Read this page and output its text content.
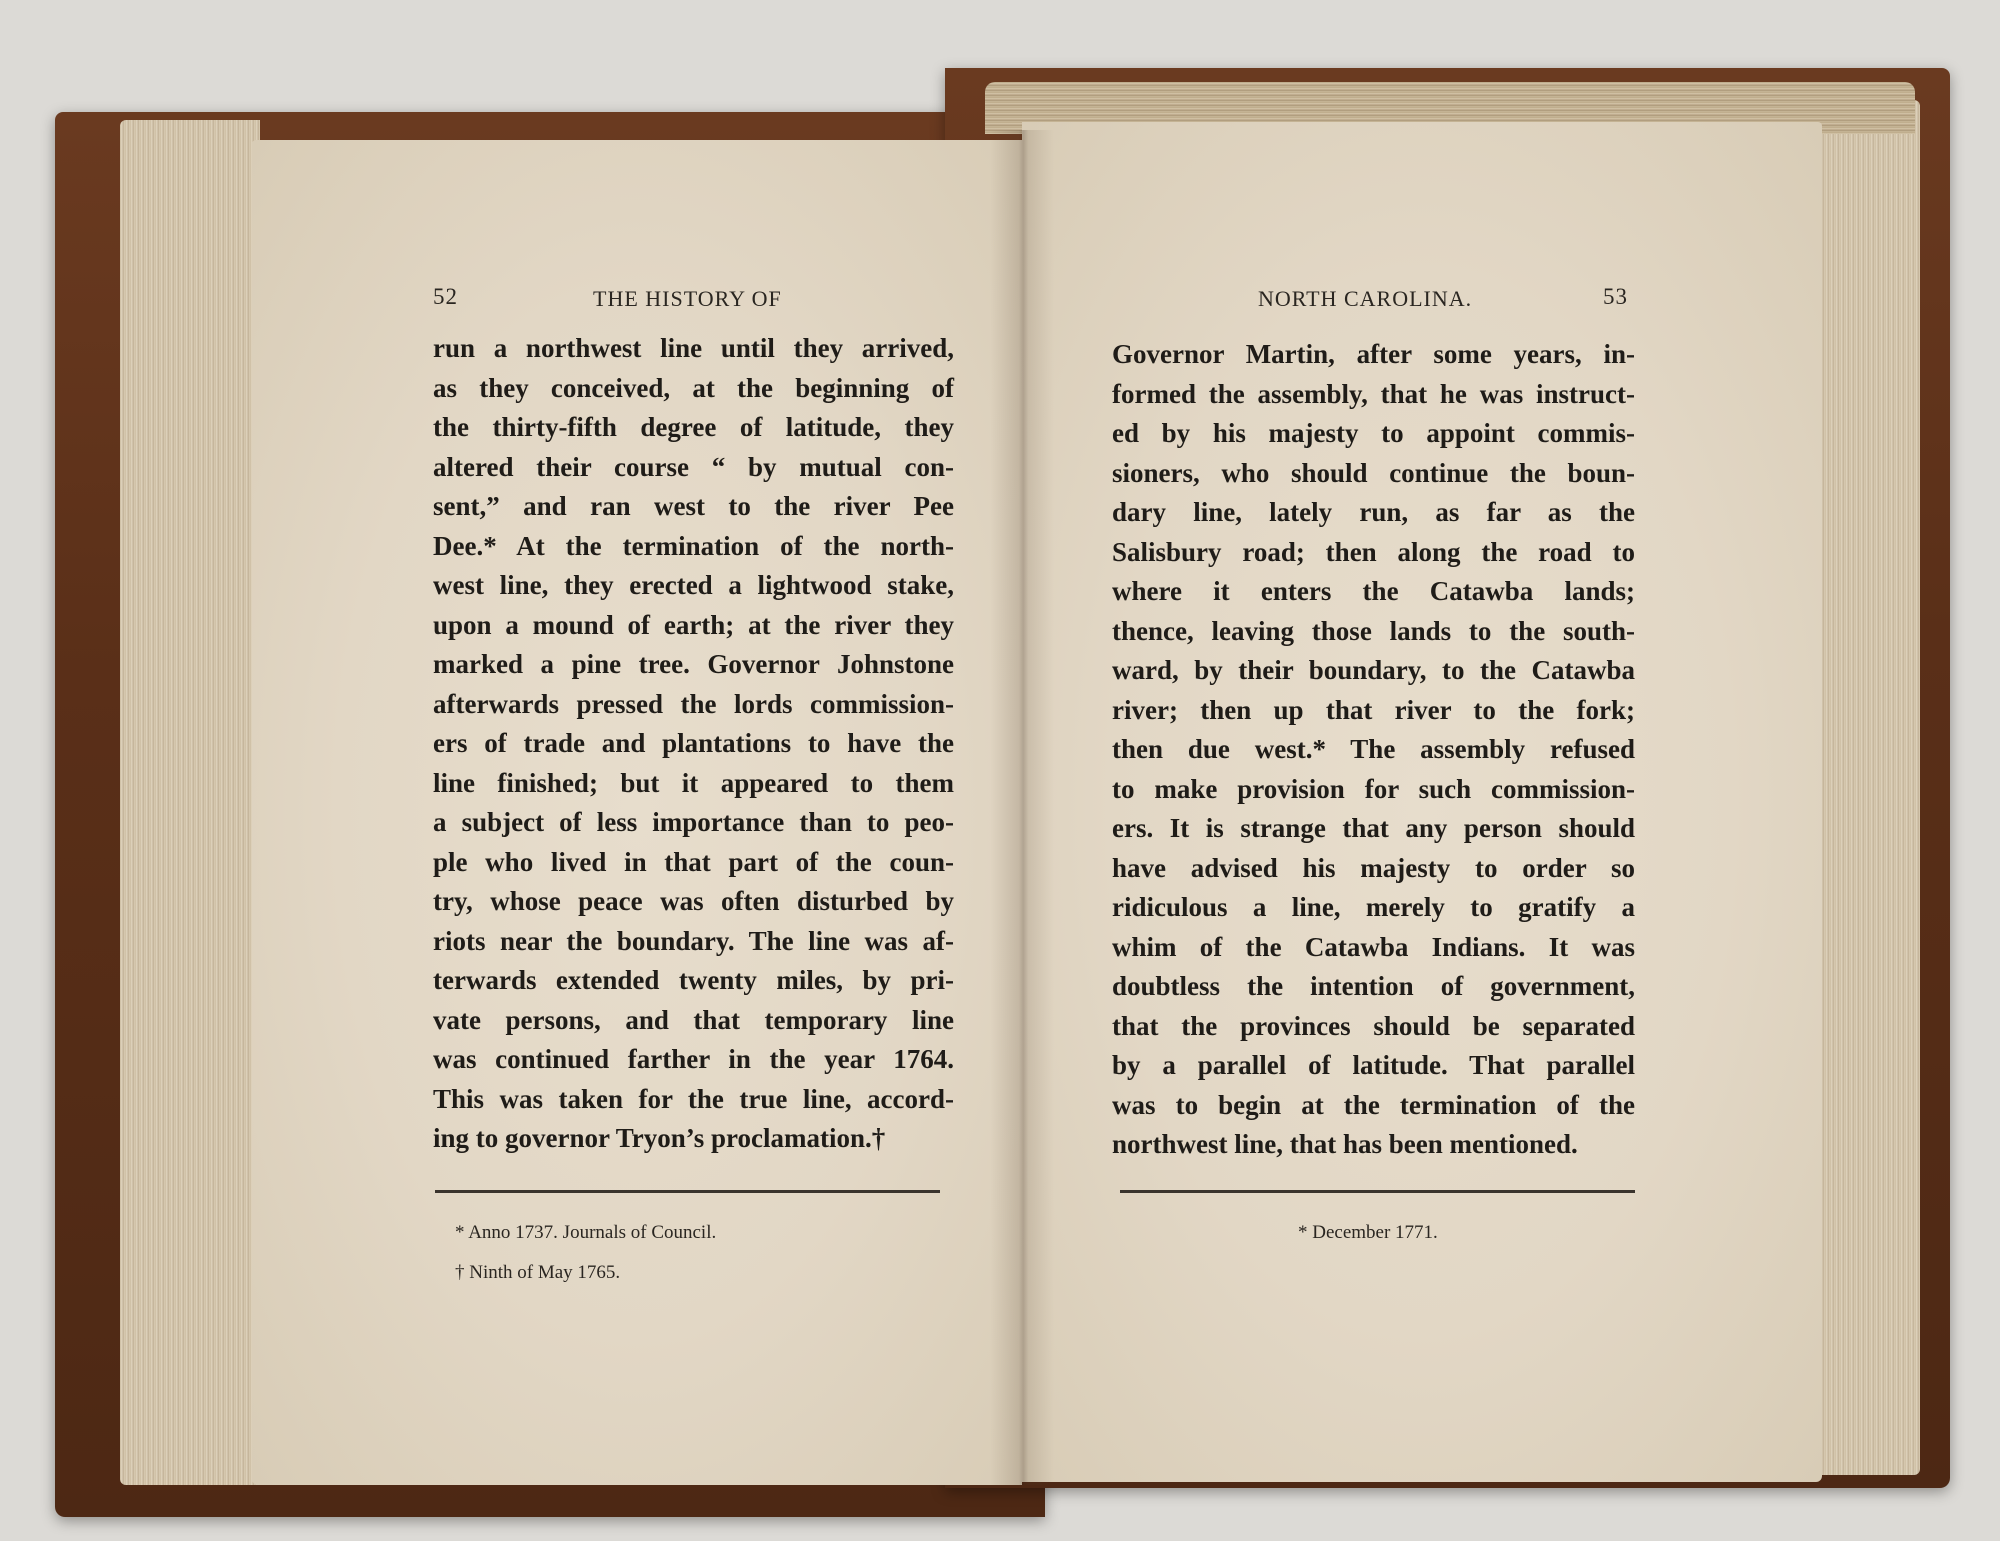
52	THE HISTORY OF
run a northwest line until they arrived,
as they conceived, at the beginning of
the thirty-fifth degree of latitude, they
altered their course “ by mutual con-
sent,” and ran west to the river Pee
Dee.* At the termination of the north-
west line, they erected a lightwood stake,
upon a mound of earth; at the river they
marked a pine tree. Governor Johnstone
afterwards pressed the lords commission-
ers of trade and plantations to have the
line finished; but it appeared to them
a subject of less importance than to peo-
ple who lived in that part of the coun-
try, whose peace was often disturbed by
riots near the boundary. The line was af-
terwards extended twenty miles, by pri-
vate persons, and that temporary line
was continued farther in the year 1764.
This was taken for the true line, accord-
ing to governor Tryon’s proclamation.†
* Anno 1737. Journals of Council.
† Ninth of May 1765.
NORTH CAROLINA.	53
Governor Martin, after some years, in-
formed the assembly, that he was instruct-
ed by his majesty to appoint commis-
sioners, who should continue the boun-
dary line, lately run, as far as the
Salisbury road; then along the road to
where it enters the Catawba lands;
thence, leaving those lands to the south-
ward, by their boundary, to the Catawba
river; then up that river to the fork;
then due west.* The assembly refused
to make provision for such commission-
ers. It is strange that any person should
have advised his majesty to order so
ridiculous a line, merely to gratify a
whim of the Catawba Indians. It was
doubtless the intention of government,
that the provinces should be separated
by a parallel of latitude. That parallel
was to begin at the termination of the
northwest line, that has been mentioned.
* December 1771.
